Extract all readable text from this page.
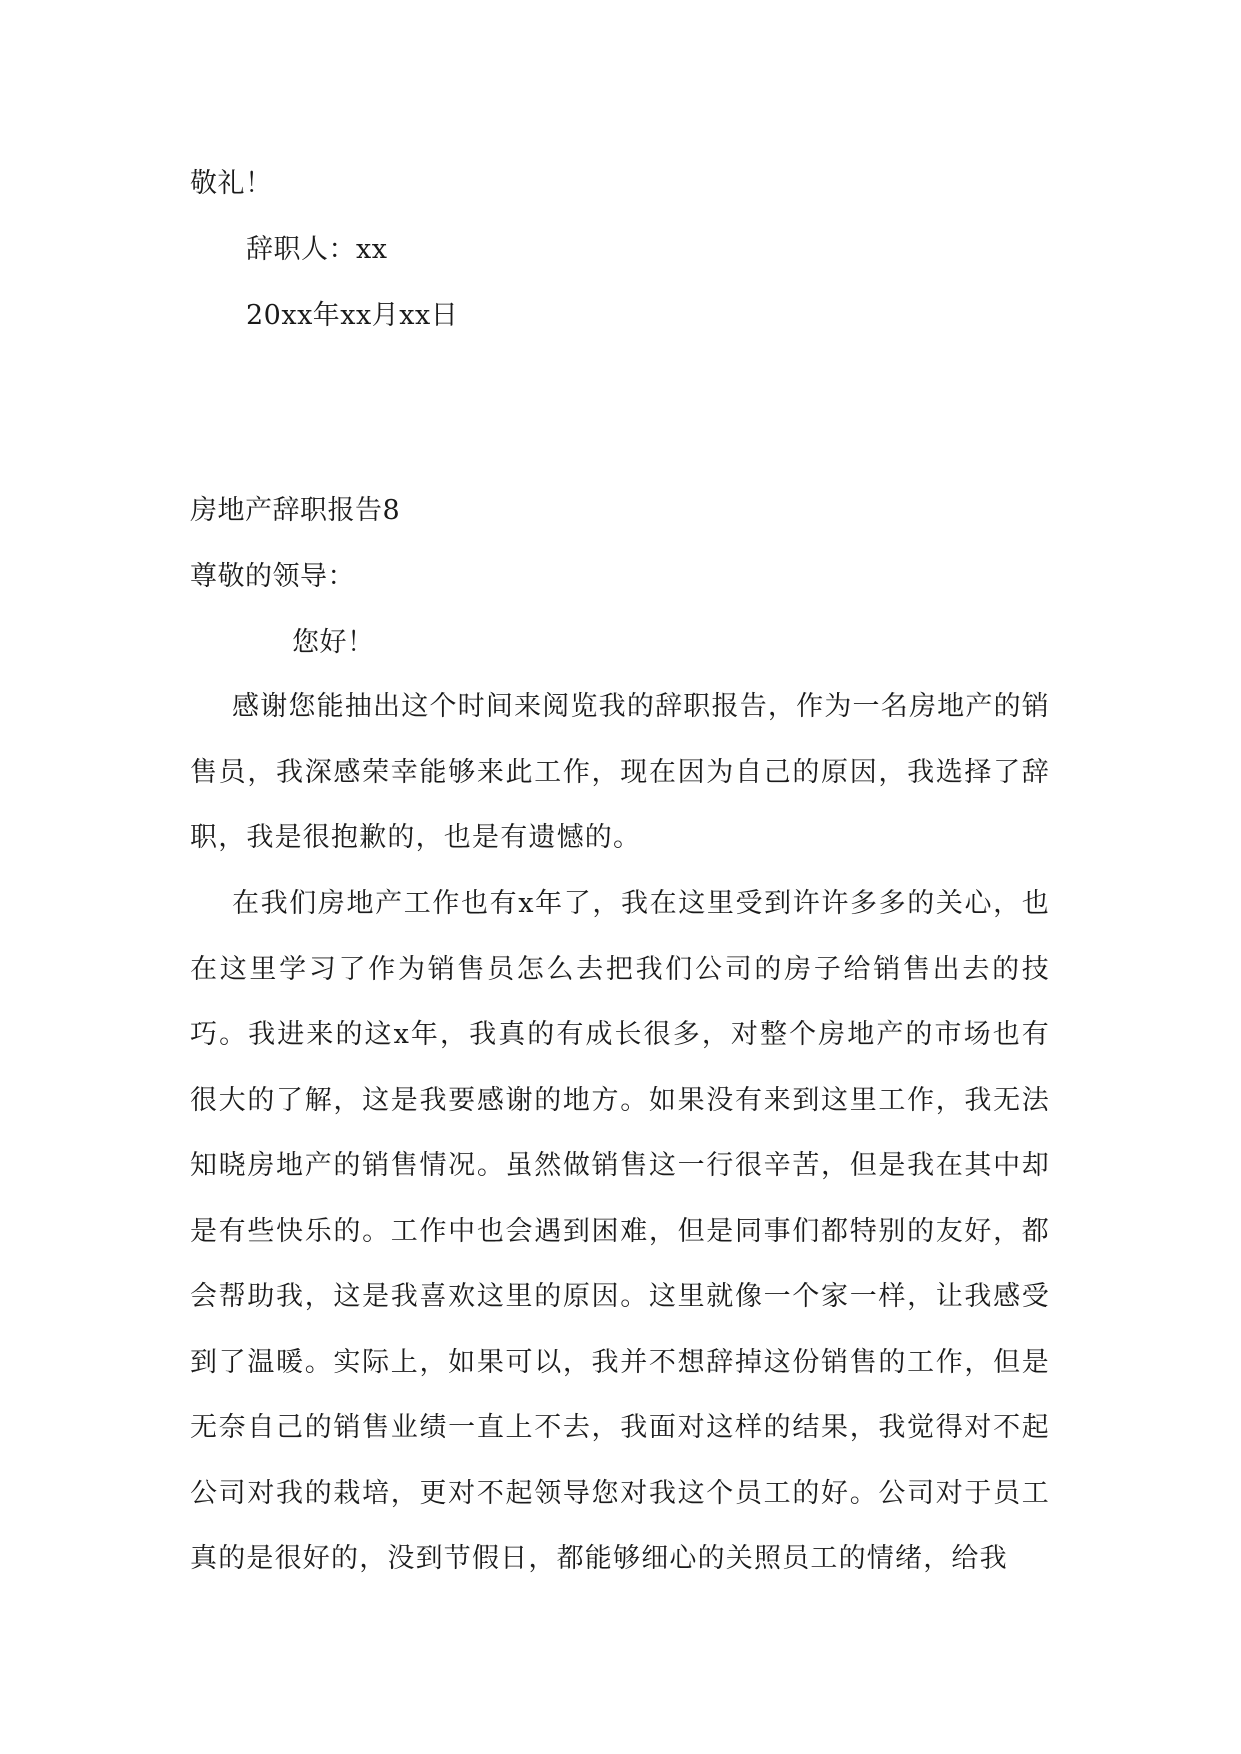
敬礼！
辞职人：xx
20xx年xx月xx日
房地产辞职报告8
尊敬的领导：
您好！
感谢您能抽出这个时间来阅览我的辞职报告，作为一名房地产的销售员，我深感荣幸能够来此工作，现在因为自己的原因，我选择了辞职，我是很抱歉的，也是有遗憾的。
在我们房地产工作也有x年了，我在这里受到许许多多的关心，也在这里学习了作为销售员怎么去把我们公司的房子给销售出去的技巧。我进来的这x年，我真的有成长很多，对整个房地产的市场也有很大的了解，这是我要感谢的地方。如果没有来到这里工作，我无法知晓房地产的销售情况。虽然做销售这一行很辛苦，但是我在其中却是有些快乐的。工作中也会遇到困难，但是同事们都特别的友好，都会帮助我，这是我喜欢这里的原因。这里就像一个家一样，让我感受到了温暖。实际上，如果可以，我并不想辞掉这份销售的工作，但是无奈自己的销售业绩一直上不去，我面对这样的结果，我觉得对不起公司对我的栽培，更对不起领导您对我这个员工的好。公司对于员工真的是很好的，没到节假日，都能够细心的关照员工的情绪，给我
